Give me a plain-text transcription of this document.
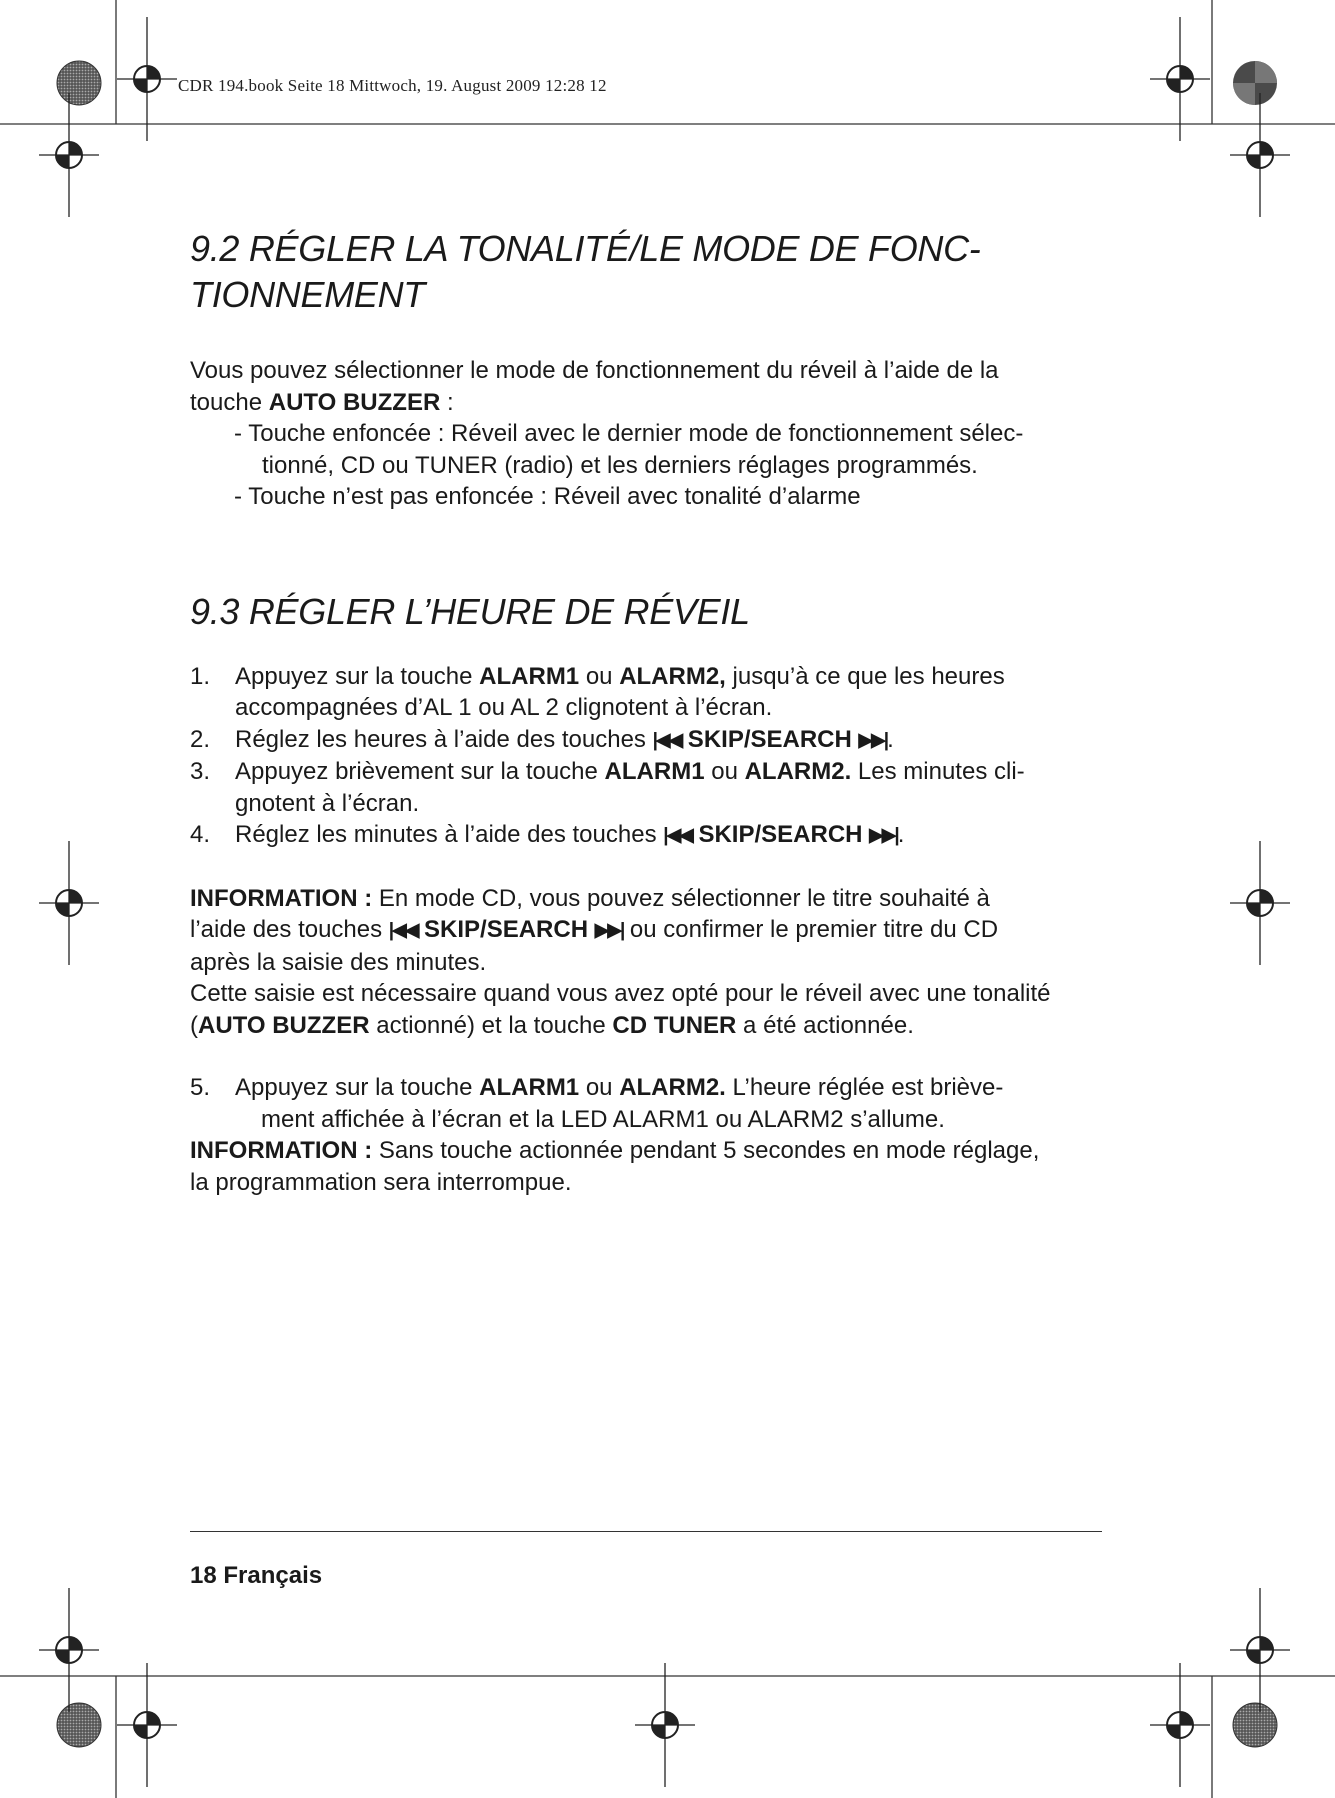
CDR 194.book Seite 18 Mittwoch, 19. August 2009 12:28 12
9.2 RÉGLER LA TONALITÉ/LE MODE DE FONC-
TIONNEMENT

Vous pouvez sélectionner le mode de fonctionnement du réveil à l’aide de la
touche AUTO BUZZER :

- Touche enfoncée : Réveil avec le dernier mode de fonctionnement sélec-
tionné, CD ou TUNER (radio) et les derniers réglages programmés.

- Touche n’est pas enfoncée : Réveil avec tonalité d’alarme

9.3 RÉGLER L’HEURE DE RÉVEIL
1. Appuyez sur la touche ALARM1 ou ALARM2, jusqu’à ce que les heures
accompagnées d’AL 1 ou AL 2 clignotent à l’écran.
2. Réglez les heures à l’aide des touches |◀◀ SKIP/SEARCH ▶▶|.
3. Appuyez brièvement sur la touche ALARM1 ou ALARM2. Les minutes cli-
gnotent à l’écran.
4. Réglez les minutes à l’aide des touches |◀◀ SKIP/SEARCH ▶▶|.

INFORMATION : En mode CD, vous pouvez sélectionner le titre souhaité à
l’aide des touches |◀◀ SKIP/SEARCH ▶▶| ou confirmer le premier titre du CD
après la saisie des minutes.
Cette saisie est nécessaire quand vous avez opté pour le réveil avec une tonalité
(AUTO BUZZER actionné) et la touche CD TUNER a été actionnée.

5. Appuyez sur la touche ALARM1 ou ALARM2. L’heure réglée est briève-
ment affichée à l’écran et la LED ALARM1 ou ALARM2 s’allume.

INFORMATION : Sans touche actionnée pendant 5 secondes en mode réglage,
la programmation sera interrompue.

18 Français
